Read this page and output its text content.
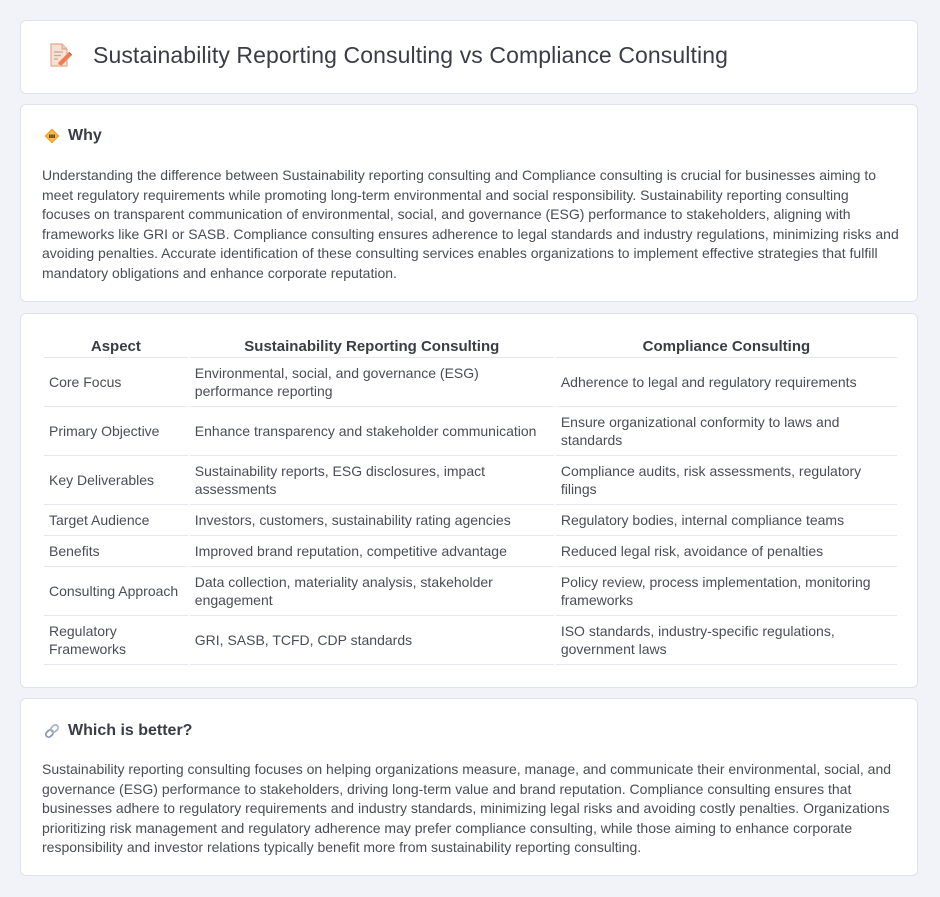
Sustainability Reporting Consulting vs Compliance Consulting
Why

Understanding the difference between Sustainability reporting consulting and Compliance consulting is crucial for businesses aiming to meet regulatory requirements while promoting long-term environmental and social responsibility. Sustainability reporting consulting focuses on transparent communication of environmental, social, and governance (ESG) performance to stakeholders, aligning with frameworks like GRI or SASB. Compliance consulting ensures adherence to legal standards and industry regulations, minimizing risks and avoiding penalties. Accurate identification of these consulting services enables organizations to implement effective strategies that fulfill mandatory obligations and enhance corporate reputation.

Aspect	Sustainability Reporting Consulting	Compliance Consulting
Core Focus	Environmental, social, and governance (ESG) performance reporting	Adherence to legal and regulatory requirements
Primary Objective	Enhance transparency and stakeholder communication	Ensure organizational conformity to laws and standards
Key Deliverables	Sustainability reports, ESG disclosures, impact assessments	Compliance audits, risk assessments, regulatory filings
Target Audience	Investors, customers, sustainability rating agencies	Regulatory bodies, internal compliance teams
Benefits	Improved brand reputation, competitive advantage	Reduced legal risk, avoidance of penalties
Consulting Approach	Data collection, materiality analysis, stakeholder engagement	Policy review, process implementation, monitoring frameworks
Regulatory Frameworks	GRI, SASB, TCFD, CDP standards	ISO standards, industry-specific regulations, government laws
Which is better?

Sustainability reporting consulting focuses on helping organizations measure, manage, and communicate their environmental, social, and governance (ESG) performance to stakeholders, driving long-term value and brand reputation. Compliance consulting ensures that businesses adhere to regulatory requirements and industry standards, minimizing legal risks and avoiding costly penalties. Organizations prioritizing risk management and regulatory adherence may prefer compliance consulting, while those aiming to enhance corporate responsibility and investor relations typically benefit more from sustainability reporting consulting.
